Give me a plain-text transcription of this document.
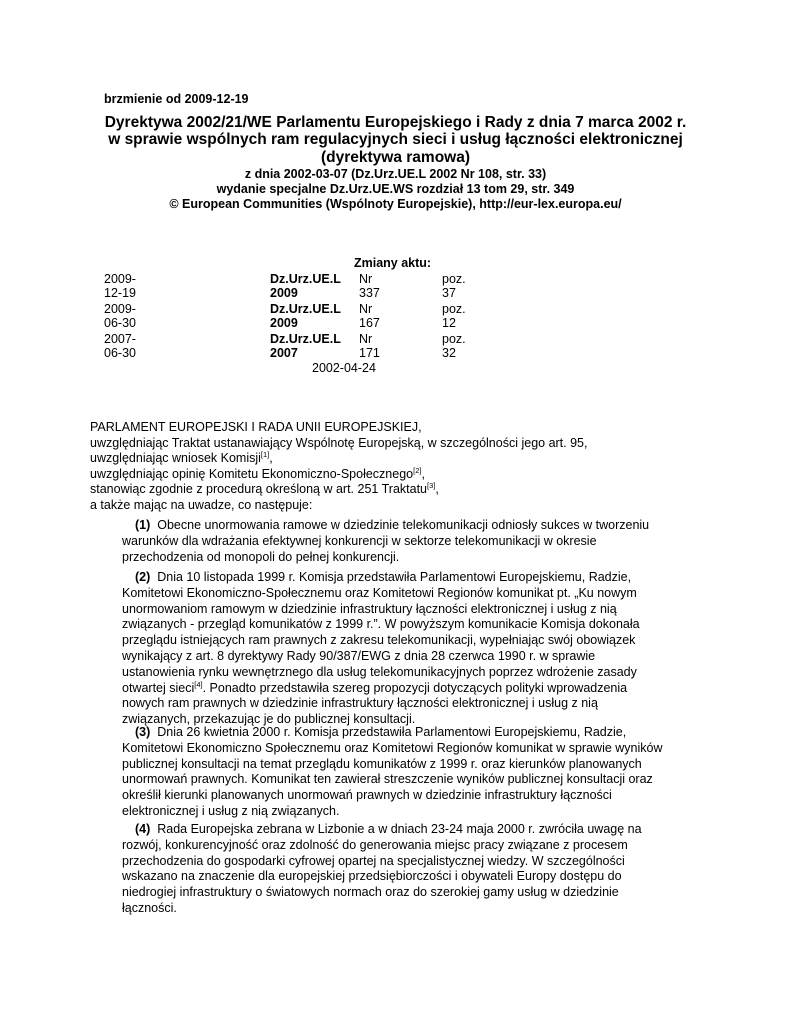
brzmienie od 2009-12-19
Dyrektywa 2002/21/WE Parlamentu Europejskiego i Rady z dnia 7 marca 2002 r.
w sprawie wspólnych ram regulacyjnych sieci i usług łączności elektronicznej
(dyrektywa ramowa)
z dnia 2002-03-07 (Dz.Urz.UE.L 2002 Nr 108, str. 33)
wydanie specjalne Dz.Urz.UE.WS rozdział 13 tom 29, str. 349
© European Communities (Wspólnoty Europejskie), http://eur-lex.europa.eu/
Zmiany aktu:
2009-12-19
Dz.Urz.UE.L 2009
Nr 337
poz. 37
2009-06-30
Dz.Urz.UE.L 2009
Nr 167
poz. 12
2007-06-30
Dz.Urz.UE.L 2007
Nr 171
poz. 32
2002-04-24
PARLAMENT EUROPEJSKI I RADA UNII EUROPEJSKIEJ,
uwzględniając Traktat ustanawiający Wspólnotę Europejską, w szczególności jego art. 95,
uwzględniając wniosek Komisji[1],
uwzględniając opinię Komitetu Ekonomiczno-Społecznego[2],
stanowiąc zgodnie z procedurą określoną w art. 251 Traktatu[3],
a także mając na uwadze, co następuje:
(1) Obecne unormowania ramowe w dziedzinie telekomunikacji odniosły sukces w tworzeniu
warunków dla wdrażania efektywnej konkurencji w sektorze telekomunikacji w okresie
przechodzenia od monopoli do pełnej konkurencji.
(2) Dnia 10 listopada 1999 r. Komisja przedstawiła Parlamentowi Europejskiemu, Radzie,
Komitetowi Ekonomiczno-Społecznemu oraz Komitetowi Regionów komunikat pt. „Ku nowym
unormowaniom ramowym w dziedzinie infrastruktury łączności elektronicznej i usług z nią
związanych - przegląd komunikatów z 1999 r.”. W powyższym komunikacie Komisja dokonała
przeglądu istniejących ram prawnych z zakresu telekomunikacji, wypełniając swój obowiązek
wynikający z art. 8 dyrektywy Rady 90/387/EWG z dnia 28 czerwca 1990 r. w sprawie
ustanowienia rynku wewnętrznego dla usług telekomunikacyjnych poprzez wdrożenie zasady
otwartej sieci[4]. Ponadto przedstawiła szereg propozycji dotyczących polityki wprowadzenia
nowych ram prawnych w dziedzinie infrastruktury łączności elektronicznej i usług z nią
związanych, przekazując je do publicznej konsultacji.
(3) Dnia 26 kwietnia 2000 r. Komisja przedstawiła Parlamentowi Europejskiemu, Radzie,
Komitetowi Ekonomiczno Społecznemu oraz Komitetowi Regionów komunikat w sprawie wyników
publicznej konsultacji na temat przeglądu komunikatów z 1999 r. oraz kierunków planowanych
unormowań prawnych. Komunikat ten zawierał streszczenie wyników publicznej konsultacji oraz
określił kierunki planowanych unormowań prawnych w dziedzinie infrastruktury łączności
elektronicznej i usług z nią związanych.
(4) Rada Europejska zebrana w Lizbonie a w dniach 23-24 maja 2000 r. zwróciła uwagę na
rozwój, konkurencyjność oraz zdolność do generowania miejsc pracy związane z procesem
przechodzenia do gospodarki cyfrowej opartej na specjalistycznej wiedzy. W szczególności
wskazano na znaczenie dla europejskiej przedsiębiorczości i obywateli Europy dostępu do
niedrogiej infrastruktury o światowych normach oraz do szerokiej gamy usług w dziedzinie
łączności.
